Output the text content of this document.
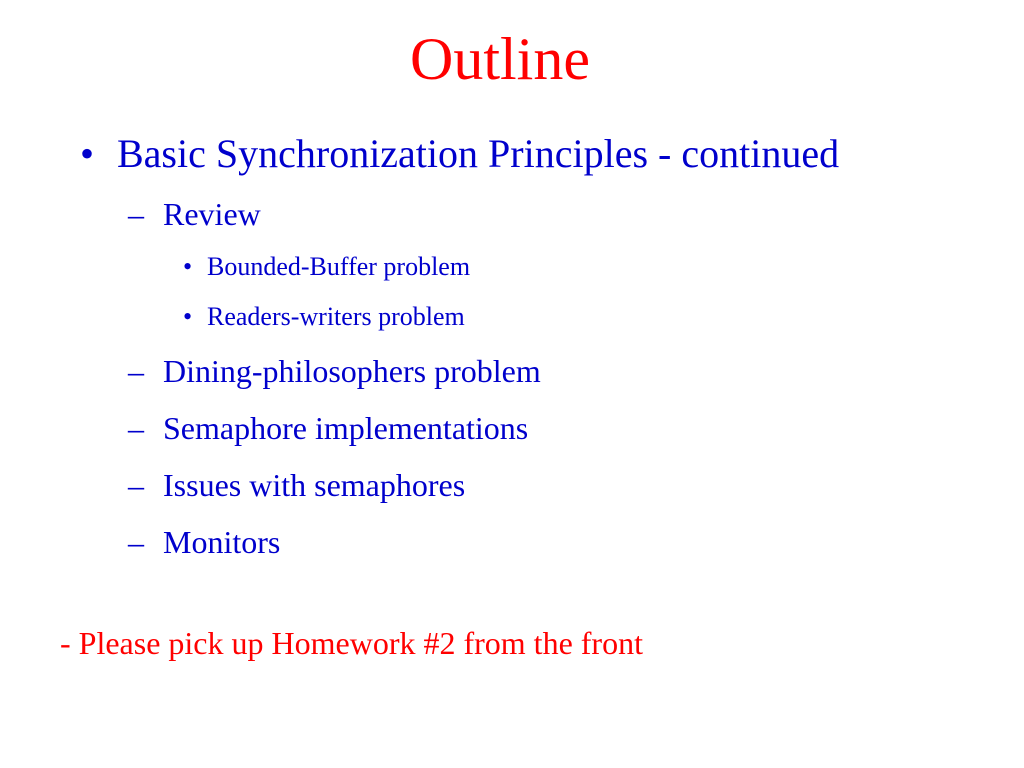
Outline
• Basic Synchronization Principles - continued
– Review
• Bounded-Buffer problem
• Readers-writers problem
– Dining-philosophers problem
– Semaphore implementations
– Issues with semaphores
– Monitors
- Please pick up Homework #2 from the front
